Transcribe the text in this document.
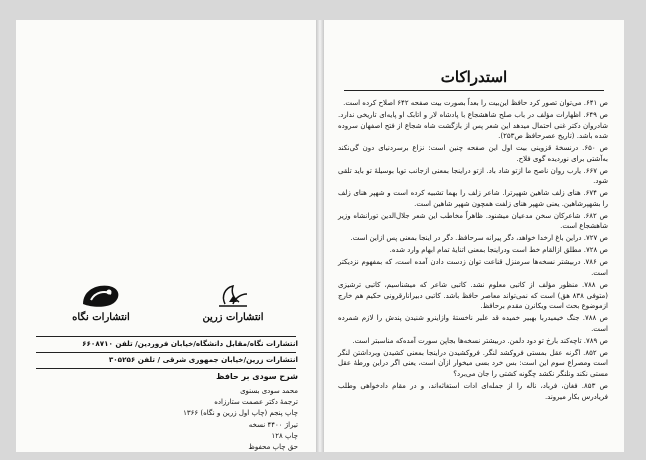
انتشارات نگاه	انتشارات زرین
انتشارات نگاه/مقابل دانشگاه/خیابان فروردین/ تلفن ۶۶۰۸۷۱۰
انتشارات زرین/خیابان جمهوری شرقی / تلفن ۳۰۵۲۵۶
شرح سودی بر حافظ
محمد سودی بسنوی
ترجمهٔ دکتر عصمت ستارزاده
چاپ پنجم (چاپ اول زرین و نگاه) ۱۳۶۶
تیراژ ۴۴۰۰ نسخه
چاپ ۱۲۸
حق چاپ محفوظ
استدراکات

ص ۶۴۱. می‌توان تصور کرد حافظ این‌بیت را بعداً بصورت بیت صفحه ۶۴۲ اصلاح کرده است.

ص ۶۴۹. اظهارات مؤلف در باب صلح شاهشجاع با پادشاه لار و اتابک او پایه‌ای تاریخی ندارد. شادروان دکتر غنی احتمال میدهد این شعر پس از بازگشت شاه شجاع از فتح اصفهان سروده شده باشد. (تاریخ عصرحافظ ص۲۵۳).

ص ۶۵۰. درنسخهٔ قزوینی بیت اول این صفحه چنین است: نزاع برسردنیای دون گی‌نکند به‌آشتی برای نوردیده گوی فلاح.

ص ۶۶۷. یارب روان ناصح ما ازتو شاد باد. ازتو دراینجا بمعنی ازجانب تویا بوسیلهٔ تو باید تلقی شود.

ص ۶۷۴. هنای زلف شاهین شهپرترا. شاعر زلف را بهما تشبیه کرده است و شهپر هنای زلف را بشهپرشاهین. یعنی شهپر هنای زلفت همچون شهپر شاهین است.

ص ۶۸۲. شاعرکان سخن مدعیان میشنود. ظاهراً مخاطب این شعر جلال‌الدین تورانشاه وزیر شاهشجاع است.

ص ۷۲۷. دراین باغ ارخدا خواهد، دگر پیرانه سرحافظ. دگر در اینجا بمعنی پس ازاین است.

ص ۷۲۸. مطلق ازالقام خط است ودراینجا بمعنی اتنایهٔ تمام ابهام وارد شده.

ص ۷۸۶. دربیشتر نسخه‌ها سرمنزل قناعت توان زدست دادن آمده است، که بمفهوم نزدیکتر است.

ص ۷۸۸. منظور مؤلف از کاتبی معلوم نشد. کاتبی شاعر که میشناسیم، کاتبی ترشیزی (متوفی ۸۳۸ هق) است که نمی‌تواند معاصر حافظ باشد. کاتبی دبیرانارقرونی حکیم هم خارج ازموضوع بحث است ویکانرن مقدم برحافظ.

ص ۷۸۸. جنگ خیمیدربا بهبیر خمیده قد علیر ناخستهٔ وازاینرو شنیدن پندش را لازم شمرده است.

ص ۷۸۹. تاچه‌کند بارخ تو دود دلمن. دربیشتر نسخه‌ها بجاپن سورت آمده‌که مناسبتر است.

ص ۸۵۲. اگرنه عقل بمستی فروکشد لنگر. فروکشیدن دراینجا بمعنی کشیدن وبرداشتن لنگر است ومصراع سوم این است: بس خرد بسی میخوار ازآن است، یعنی اگر دراین ورطهٔ عقل مستی نکند ونلنگر نکشد چگونه کشتی را جان می‌برد؟

ص ۸۵۳. فغان، فرباد، ناله را از جمله‌ای ادات استغاثه‌اند، و در مقام دادخواهی وطلب فریادرس بکار میروند.
